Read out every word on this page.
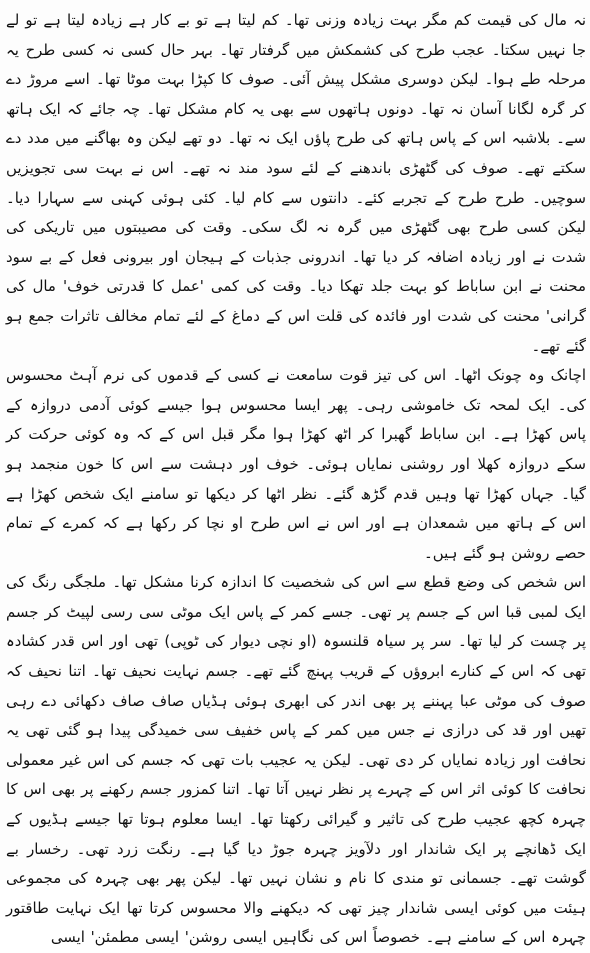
نہ مال کی قیمت کم مگر بہت زیادہ وزنی تھا۔ کم لیتا ہے تو بے کار ہے زیادہ لیتا ہے تو لے جا نہیں سکتا۔ عجب طرح کی کشمکش میں گرفتار تھا۔ بہر حال کسی نہ کسی طرح یہ مرحلہ طے ہوا۔ لیکن دوسری مشکل پیش آئی۔ صوف کا کپڑا بہت موٹا تھا۔ اسے مروڑ دے کر گرہ لگانا آسان نہ تھا۔ دونوں ہاتھوں سے بھی یہ کام مشکل تھا۔ چہ جائے کہ ایک ہاتھ سے۔ بلاشبہ اس کے پاس ہاتھ کی طرح پاؤں ایک نہ تھا۔ دو تھے لیکن وہ بھاگنے میں مدد دے سکتے تھے۔ صوف کی گٹھڑی باندھنے کے لئے سود مند نہ تھے۔ اس نے بہت سی تجویزیں سوچیں۔ طرح طرح کے تجربے کئے۔ دانتوں سے کام لیا۔ کئی ہوئی کہنی سے سہارا دیا۔ لیکن کسی طرح بھی گٹھڑی میں گرہ نہ لگ سکی۔ وقت کی مصیبتوں میں تاریکی کی شدت نے اور زیادہ اضافہ کر دیا تھا۔ اندرونی جذبات کے ہیجان اور بیرونی فعل کے بے سود محنت نے ابن ساباط کو بہت جلد تھکا دیا۔ وقت کی کمی 'عمل کا قدرتی خوف' مال کی گرانی' محنت کی شدت اور فائدہ کی قلت اس کے دماغ کے لئے تمام مخالف تاثرات جمع ہو گئے تھے۔

اچانک وہ چونک اٹھا۔ اس کی تیز قوت سامعت نے کسی کے قدموں کی نرم آہٹ محسوس کی۔ ایک لمحہ تک خاموشی رہی۔ پھر ایسا محسوس ہوا جیسے کوئی آدمی دروازہ کے پاس کھڑا ہے۔ ابن ساباط گھبرا کر اٹھ کھڑا ہوا مگر قبل اس کے کہ وہ کوئی حرکت کر سکے دروازہ کھلا اور روشنی نمایاں ہوئی۔ خوف اور دہشت سے اس کا خون منجمد ہو گیا۔ جہاں کھڑا تھا وہیں قدم گڑھ گئے۔ نظر اٹھا کر دیکھا تو سامنے ایک شخص کھڑا ہے اس کے ہاتھ میں شمعدان ہے اور اس نے اس طرح او نچا کر رکھا ہے کہ کمرے کے تمام حصے روشن ہو گئے ہیں۔

اس شخص کی وضع قطع سے اس کی شخصیت کا اندازہ کرنا مشکل تھا۔ ملجگی رنگ کی ایک لمبی قبا اس کے جسم پر تھی۔ جسے کمر کے پاس ایک موٹی سی رسی لپیٹ کر جسم پر چست کر لیا تھا۔ سر پر سیاہ قلنسوہ (او نچی دیوار کی ٹوپی) تھی اور اس قدر کشادہ تھی کہ اس کے کنارے ابروؤں کے قریب پہنچ گئے تھے۔ جسم نہایت نحیف تھا۔ اتنا نحیف کہ صوف کی موٹی عبا پہننے پر بھی اندر کی ابھری ہوئی ہڈیاں صاف صاف دکھائی دے رہی تھیں اور قد کی درازی نے جس میں کمر کے پاس خفیف سی خمیدگی پیدا ہو گئی تھی یہ نحافت اور زیادہ نمایاں کر دی تھی۔ لیکن یہ عجیب بات تھی کہ جسم کی اس غیر معمولی نحافت کا کوئی اثر اس کے چہرے پر نظر نہیں آتا تھا۔ اتنا کمزور جسم رکھنے پر بھی اس کا چہرہ کچھ عجیب طرح کی تاثیر و گیرائی رکھتا تھا۔ ایسا معلوم ہوتا تھا جیسے ہڈیوں کے ایک ڈھانچے پر ایک شاندار اور دلآویز چہرہ جوڑ دیا گیا ہے۔ رنگت زرد تھی۔ رخسار بے گوشت تھے۔ جسمانی تو مندی کا نام و نشان نہیں تھا۔ لیکن پھر بھی چہرہ کی مجموعی ہیئت میں کوئی ایسی شاندار چیز تھی کہ دیکھنے والا محسوس کرتا تھا ایک نہایت طاقتور چہرہ اس کے سامنے ہے۔ خصوصاً اس کی نگاہیں ایسی روشن' ایسی مطمئن' ایسی
